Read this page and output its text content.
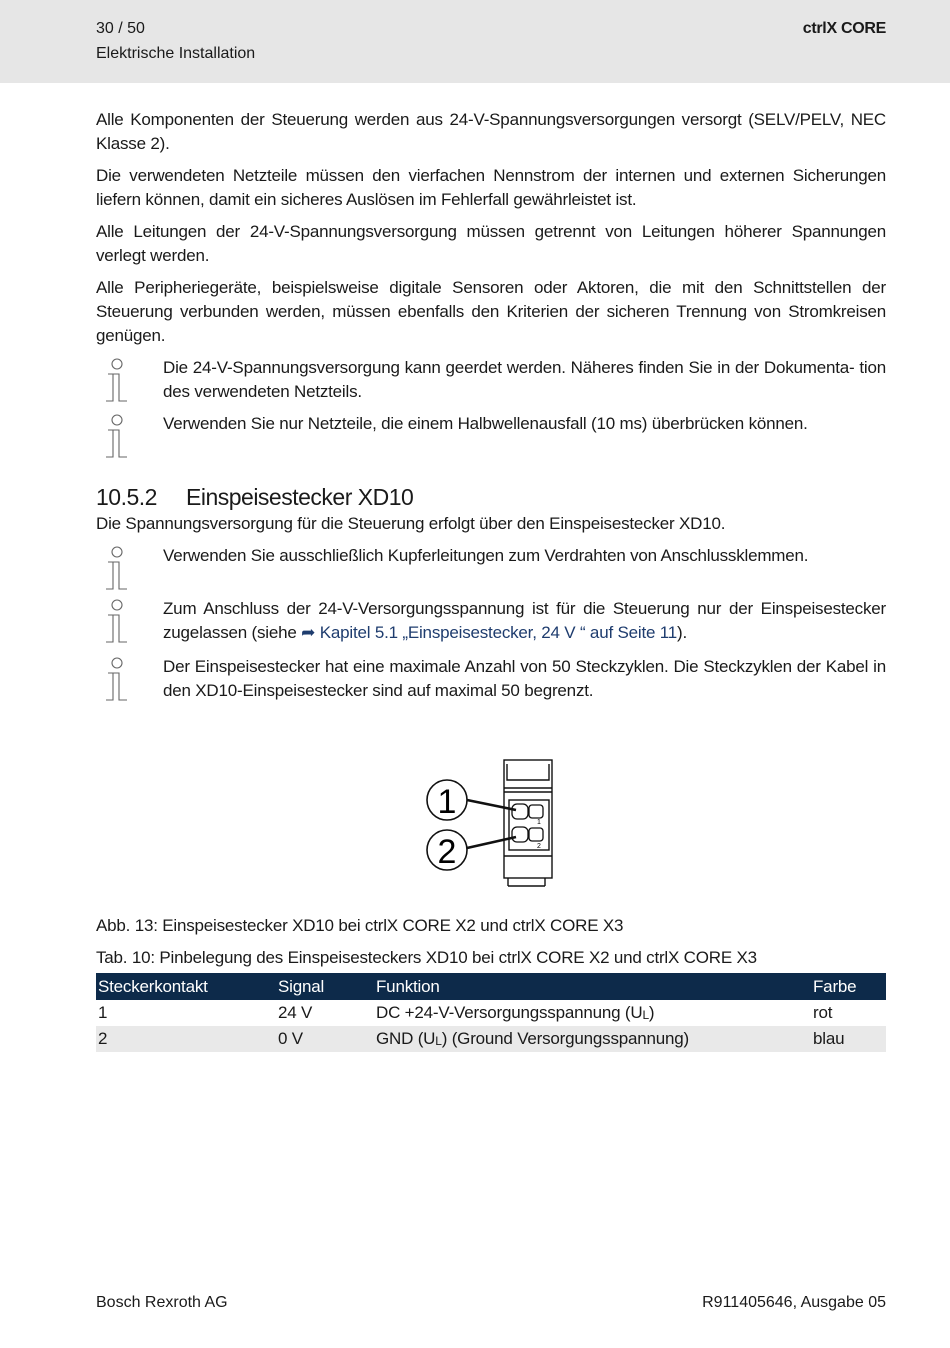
30 / 50
Elektrische Installation
ctrlX CORE

Alle Komponenten der Steuerung werden aus 24-V-Spannungsversorgungen versorgt (SELV/PELV, NEC Klasse 2).

Die verwendeten Netzteile müssen den vierfachen Nennstrom der internen und externen Sicherungen liefern können, damit ein sicheres Auslösen im Fehlerfall gewährleistet ist.

Alle Leitungen der 24-V-Spannungsversorgung müssen getrennt von Leitungen höherer Spannungen verlegt werden.

Alle Peripheriegeräte, beispielsweise digitale Sensoren oder Aktoren, die mit den Schnittstellen der Steuerung verbunden werden, müssen ebenfalls den Kriterien der sicheren Trennung von Stromkreisen genügen.

Die 24-V-Spannungsversorgung kann geerdet werden. Näheres finden Sie in der Dokumenta- tion des verwendeten Netzteils.

Verwenden Sie nur Netzteile, die einem Halbwellenausfall (10 ms) überbrücken können.

10.5.2 Einspeisestecker XD10

Die Spannungsversorgung für die Steuerung erfolgt über den Einspeisestecker XD10.

Verwenden Sie ausschließlich Kupferleitungen zum Verdrahten von Anschlussklemmen.

Zum Anschluss der 24-V-Versorgungsspannung ist für die Steuerung nur der Einspeisestecker zugelassen (siehe ➦ Kapitel 5.1 „Einspeisestecker, 24 V “ auf Seite 11).

Der Einspeisestecker hat eine maximale Anzahl von 50 Steckzyklen. Die Steckzyklen der Kabel in den XD10-Einspeisestecker sind auf maximal 50 begrenzt.

1
2
1
2
Abb. 13: Einspeisestecker XD10 bei ctrlX CORE X2 und ctrlX CORE X3
Tab. 10: Pinbelegung des Einspeisesteckers XD10 bei ctrlX CORE X2 und ctrlX CORE X3
Steckerkontakt	Signal	Funktion	Farbe
1	24 V	DC +24-V-Versorgungsspannung $(U_L)$	rot
2	0 V	GND $(U_L)$ (Ground Versorgungsspannung)	blau
Bosch Rexroth AG	R911405646, Ausgabe 05
